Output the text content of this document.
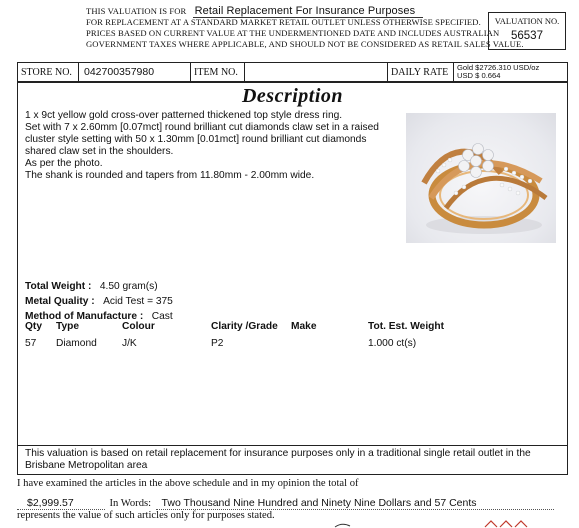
THIS VALUATION IS FOR Retail Replacement For Insurance Purposes
FOR REPLACEMENT AT A STANDARD MARKET RETAIL OUTLET UNLESS OTHERWISE SPECIFIED.
PRICES BASED ON CURRENT VALUE AT THE UNDERMENTIONED DATE AND INCLUDES AUSTRALIAN
GOVERNMENT TAXES WHERE APPLICABLE, AND SHOULD NOT BE CONSIDERED AS RETAIL SALES VALUE.
VALUATION NO.
56537
STORE NO. 042700357980	ITEM NO.	DAILY RATE Gold $2726.310 USD/oz
USD $ 0.664
Description
1 x 9ct yellow gold cross-over patterned thickened top style dress ring.
Set with 7 x 2.60mm [0.07mct] round brilliant cut diamonds claw set in a raised
cluster style setting with 50 x 1.30mm [0.01mct] round brilliant cut diamonds
shared claw set in the shoulders.
As per the photo.
The shank is rounded and tapers from 11.80mm - 2.00mm wide.
Total Weight : 4.50 gram(s)
Metal Quality : Acid Test = 375
Method of Manufacture : Cast
Qty Type	Colour	Clarity /Grade Make	Tot. Est. Weight
57 Diamond J/K	P2	1.000 ct(s)
This valuation is based on retail replacement for insurance purposes only in a traditional single retail outlet in the Brisbane Metropolitan area
I have examined the articles in the above schedule and in my opinion the total of
$2,999.57	In Words: Two Thousand Nine Hundred and Ninety Nine Dollars and 57 Cents
represents the value of such articles only for purposes stated.
